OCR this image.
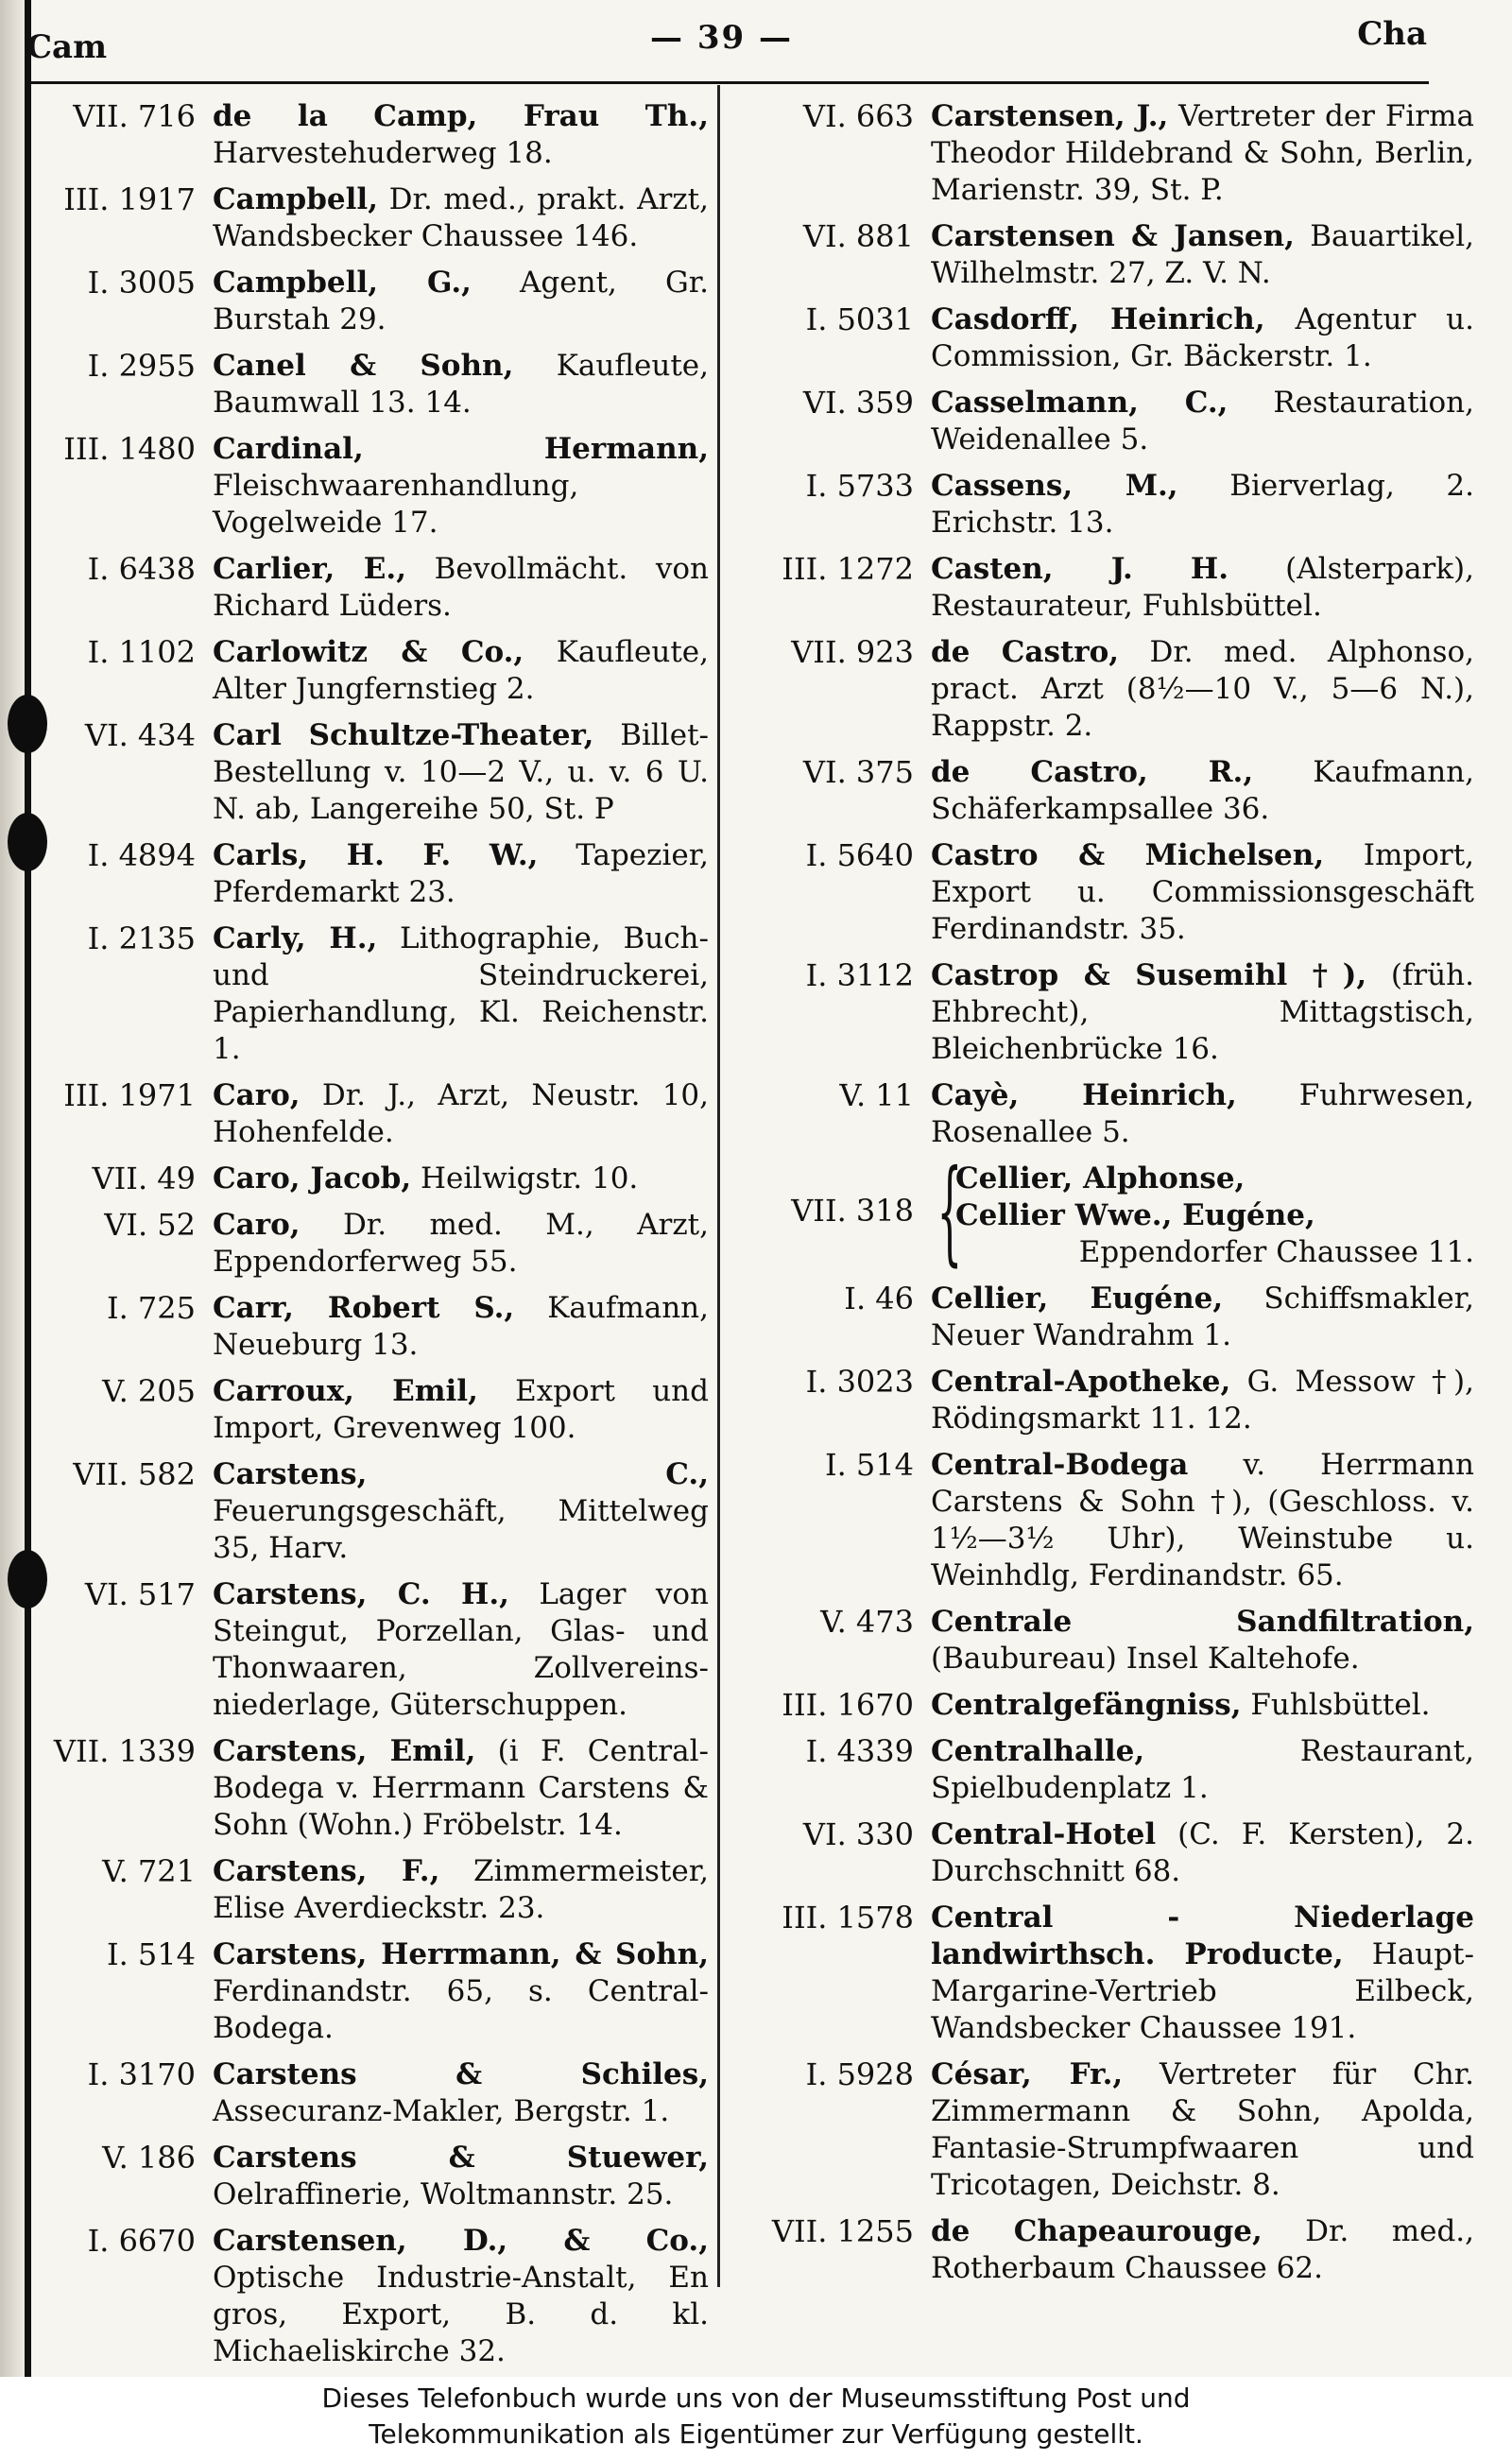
Cam	— 39 —	Cha
VII. 716 de la Camp, Frau Th., Harvestehuderweg 18.
III. 1917 Campbell, Dr. med., prakt. Arzt, Wandsbecker Chaussee 146.
I. 3005 Campbell, G., Agent, Gr. Burstah 29.
I. 2955 Canel & Sohn, Kaufleute, Baumwall 13. 14.
III. 1480 Cardinal, Hermann, Fleischwaarenhandlung, Vogelweide 17.
I. 6438 Carlier, E., Bevollmächt. von Richard Lüders.
I. 1102 Carlowitz & Co., Kaufleute, Alter Jungfernstieg 2.
VI. 434 Carl Schultze-Theater, Billet-Bestellung v. 10—2 V., u. v. 6 U. N. ab, Langereihe 50, St. P
I. 4894 Carls, H. F. W., Tapezier, Pferdemarkt 23.
I. 2135 Carly, H., Lithographie, Buch- und Steindruckerei, Papierhandlung, Kl. Reichenstr. 1.
III. 1971 Caro, Dr. J., Arzt, Neustr. 10, Hohenfelde.
VII. 49 Caro, Jacob, Heilwigstr. 10.
VI. 52 Caro, Dr. med. M., Arzt, Eppendorferweg 55.
I. 725 Carr, Robert S., Kaufmann, Neueburg 13.
V. 205 Carroux, Emil, Export und Import, Grevenweg 100.
VII. 582 Carstens, C., Feuerungsgeschäft, Mittelweg 35, Harv.
VI. 517 Carstens, C. H., Lager von Steingut, Porzellan, Glas- und Thonwaaren, Zollvereins-niederlage, Güterschuppen.
VII. 1339 Carstens, Emil, (i F. Central-Bodega v. Herrmann Carstens & Sohn (Wohn.) Fröbelstr. 14.
V. 721 Carstens, F., Zimmermeister, Elise Averdieckstr. 23.
I. 514 Carstens, Herrmann, & Sohn, Ferdinandstr. 65, s. Central-Bodega.
I. 3170 Carstens & Schiles, Assecuranz-Makler, Bergstr. 1.
V. 186 Carstens & Stuewer, Oelraffinerie, Woltmannstr. 25.
I. 6670 Carstensen, D., & Co., Optische Industrie-Anstalt, En gros, Export, B. d. kl. Michaeliskirche 32.
VI. 663 Carstensen, J., Vertreter der Firma Theodor Hildebrand & Sohn, Berlin, Marienstr. 39, St. P.
VI. 881 Carstensen & Jansen, Bauartikel, Wilhelmstr. 27, Z. V. N.
I. 5031 Casdorff, Heinrich, Agentur u. Commission, Gr. Bäckerstr. 1.
VI. 359 Casselmann, C., Restauration, Weidenallee 5.
I. 5733 Cassens, M., Bierverlag, 2. Erichstr. 13.
III. 1272 Casten, J. H. (Alsterpark), Restaurateur, Fuhlsbüttel.
VII. 923 de Castro, Dr. med. Alphonso, pract. Arzt (8½—10 V., 5—6 N.), Rappstr. 2.
VI. 375 de Castro, R., Kaufmann, Schäferkampsallee 36.
I. 5640 Castro & Michelsen, Import, Export u. Commissionsgeschäft Ferdinandstr. 35.
I. 3112 Castrop & Susemihl †), (früh. Ehbrecht), Mittagstisch, Bleichenbrücke 16.
V. 11 Cayè, Heinrich, Fuhrwesen, Rosenallee 5.
VII. 318 {
Cellier, Alphonse,
Cellier Wwe., Eugéne,
Eppendorfer Chaussee 11.
I. 46 Cellier, Eugéne, Schiffsmakler, Neuer Wandrahm 1.
I. 3023 Central-Apotheke, G. Messow †), Rödingsmarkt 11. 12.
I. 514 Central-Bodega v. Herrmann Carstens & Sohn †), (Geschloss. v. 1½—3½ Uhr), Weinstube u. Weinhdlg, Ferdinandstr. 65.
V. 473 Centrale Sandfiltration, (Baubureau) Insel Kaltehofe.
III. 1670 Centralgefängniss, Fuhlsbüttel.
I. 4339 Centralhalle, Restaurant, Spielbudenplatz 1.
VI. 330 Central-Hotel (C. F. Kersten), 2. Durchschnitt 68.
III. 1578 Central - Niederlage landwirthsch. Producte, Haupt-Margarine-Vertrieb Eilbeck, Wandsbecker Chaussee 191.
I. 5928 César, Fr., Vertreter für Chr. Zimmermann & Sohn, Apolda, Fantasie-Strumpfwaaren und Tricotagen, Deichstr. 8.
VII. 1255 de Chapeaurouge, Dr. med., Rotherbaum Chaussee 62.
Dieses Telefonbuch wurde uns von der Museumsstiftung Post und
Telekommunikation als Eigentümer zur Verfügung gestellt.
